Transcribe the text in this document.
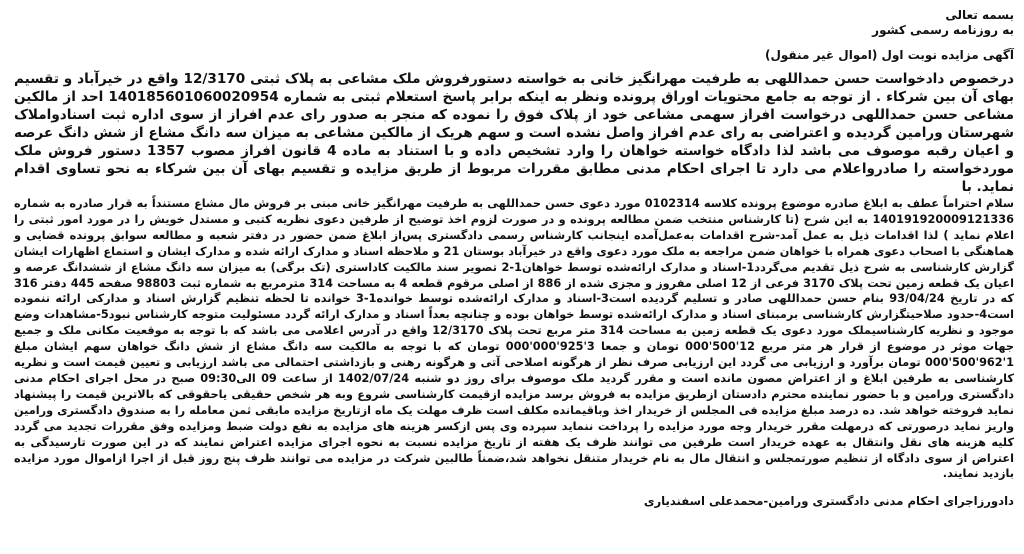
بسمه تعالی
به روزنامه رسمی کشور
آگهی مزایده نوبت اول (اموال غیر منقول)

درخصوص دادخواست حسن حمداللهی به طرفیت مهرانگیز خانی به خواسته دستورفروش ملک مشاعی به پلاک ثبتی 12/3170 واقع در خیرآباد و تقسیم بهای آن بین شرکاء . از توجه به جامع محتویات اوراق پرونده ونظر به اینکه برابر پاسخ استعلام ثبتی به شماره 140185601060020954 احد از مالکین مشاعی حسن حمداللهی درخواست افراز سهمی مشاعی خود از پلاک فوق را نموده که منجر به صدور رای عدم افراز از سوی اداره ثبت اسنادواملاک شهرستان ورامین گردیده و اعتراضی به رای عدم افراز واصل نشده است و سهم هریک از مالکین مشاعی به میزان سه دانگ مشاع از شش دانگ عرصه و اعیان رقبه موصوف می باشد لذا دادگاه خواسته خواهان را وارد تشخیص داده و با استناد به ماده 4 قانون افراز مصوب 1357 دستور فروش ملک موردخواسته را صادرواعلام می دارد تا اجرای احکام مدنی مطابق مقررات مربوط از طریق مزایده و تقسیم بهای آن بین شرکاء به نحو تساوی اقدام نماید. با

سلام احتراماً عطف به ابلاغ صادره موضوع پرونده کلاسه 0102314 مورد دعوی حسن حمداللهی به طرفیت مهرانگیز خانی مبنی بر فروش مال مشاع مستنداً به قرار صادره به شماره 140191920009121336 به این شرح (تا کارشناس منتخب ضمن مطالعه پرونده و در صورت لزوم اخذ توضیح از طرفین دعوی نظریه کتبی و مستدل خویش را در مورد امور ثبتی را اعلام نماید ) لذا اقدامات ذیل به عمل آمد-شرح اقدامات به‌عمل‌آمده اینجانب کارشناس رسمی دادگستری پس‌از ابلاغ ضمن حضور در دفتر شعبه و مطالعه سوابق پرونده قضایی و هماهنگی با اصحاب دعوی همراه با خواهان ضمن مراجعه به ملک مورد دعوی واقع در خیرآباد بوستان 21 و ملاحظه اسناد و مدارک ارائه شده و مدارک ایشان و استماع اظهارات ایشان گزارش کارشناسی به شرح ذیل تقدیم می‌گردد1-اسناد و مدارک ارائه‌شده توسط خواهان1-2 تصویر سند مالکیت کاداستری (تک برگی) به میزان سه دانگ مشاع از ششدانگ عرصه و اعیان یک قطعه زمین تحت پلاک 3170 فرعی از 12 اصلی مفروز و مجزی شده از 886 از اصلی مرقوم قطعه 4 به مساحت 314 مترمربع به شماره ثبت 98803 صفحه 445 دفتر 316 که در تاریخ 93/04/24 بنام حسن حمداللهی صادر و تسلیم گردیده است3-اسناد و مدارک ارائه‌شده توسط خوانده1-3 خوانده تا لحظه تنظیم گزارش اسناد و مدارکی ارائه ننموده است4-حدود صلاحیتگزارش کارشناسی برمبنای اسناد و مدارک ارائه‌شده توسط خواهان بوده و چنانچه بعداً اسناد و مدارک ارائه گردد مسئولیت متوجه کارشناس نبود5-مشاهدات وضع موجود و نظریه کارشناسیملک مورد دعوی یک قطعه زمین به مساحت 314 متر مربع تحت پلاک 12/3170 واقع در آدرس اعلامی می باشد که با توجه به موقعیت مکانی ملک و جمیع جهات موثر در موضوع از قرار هر متر مربع 12'500'000 تومان و جمعا 3'925'000'000 تومان که با توجه به مالکیت سه دانگ مشاع از شش دانگ خواهان سهم ایشان مبلغ 1'962'500'000 تومان برآورد و ارزیابی می گردد این ارزیابی صرف نظر از هرگونه اصلاحی آتی و هرگونه رهنی و بازداشتی احتمالی می باشد ارزیابی و تعیین قیمت است و نظریه کارشناسی به طرفین ابلاغ و از اعتراض مصون مانده است و مقرر گردید ملک موصوف برای روز دو شنبه 1402/07/24 از ساعت 09 الی09:30 صبح در محل اجرای احکام مدنی دادگستری ورامین و با حضور نماینده محترم دادستان ازطریق مزایده به فروش برسد مزایده ازقیمت کارشناسی شروع وبه هر شخص حقیقی یاحقوقی که بالاترین قیمت را پیشنهاد نماید فروخته خواهد شد. ده درصد مبلغ مزایده فی المجلس از خریدار اخذ وباقیمانده مکلف است ظرف مهلت یک ماه ازتاریخ مزایده مابقی ثمن معامله را به صندوق دادگستری ورامین واریز نماید درصورتی که درمهلت مقرر خریدار وجه مورد مزایده را پرداخت ننماید سپرده وی پس ازکسر هزینه های مزایده به نفع دولت ضبط ومزایده وفق مقررات تجدید می گردد کلیه هزینه های نقل وانتقال به عهده خریدار است طرفین می توانند ظرف یک هفته از تاریخ مزایده نسبت به نحوه اجرای مزایده اعتراض نمایند که در این صورت تارسیدگی به اعتراض از سوی دادگاه از تنظیم صورتمجلس و انتقال مال به نام خریدار متنقل نخواهد شد،ضمناً طالبین شرکت در مزایده می توانند ظرف پنج روز قبل از اجرا ازاموال مورد مزایده بازدید نمایند.

دادورزاجرای احکام مدنی دادگستری ورامین-محمدعلی اسفندیاری
